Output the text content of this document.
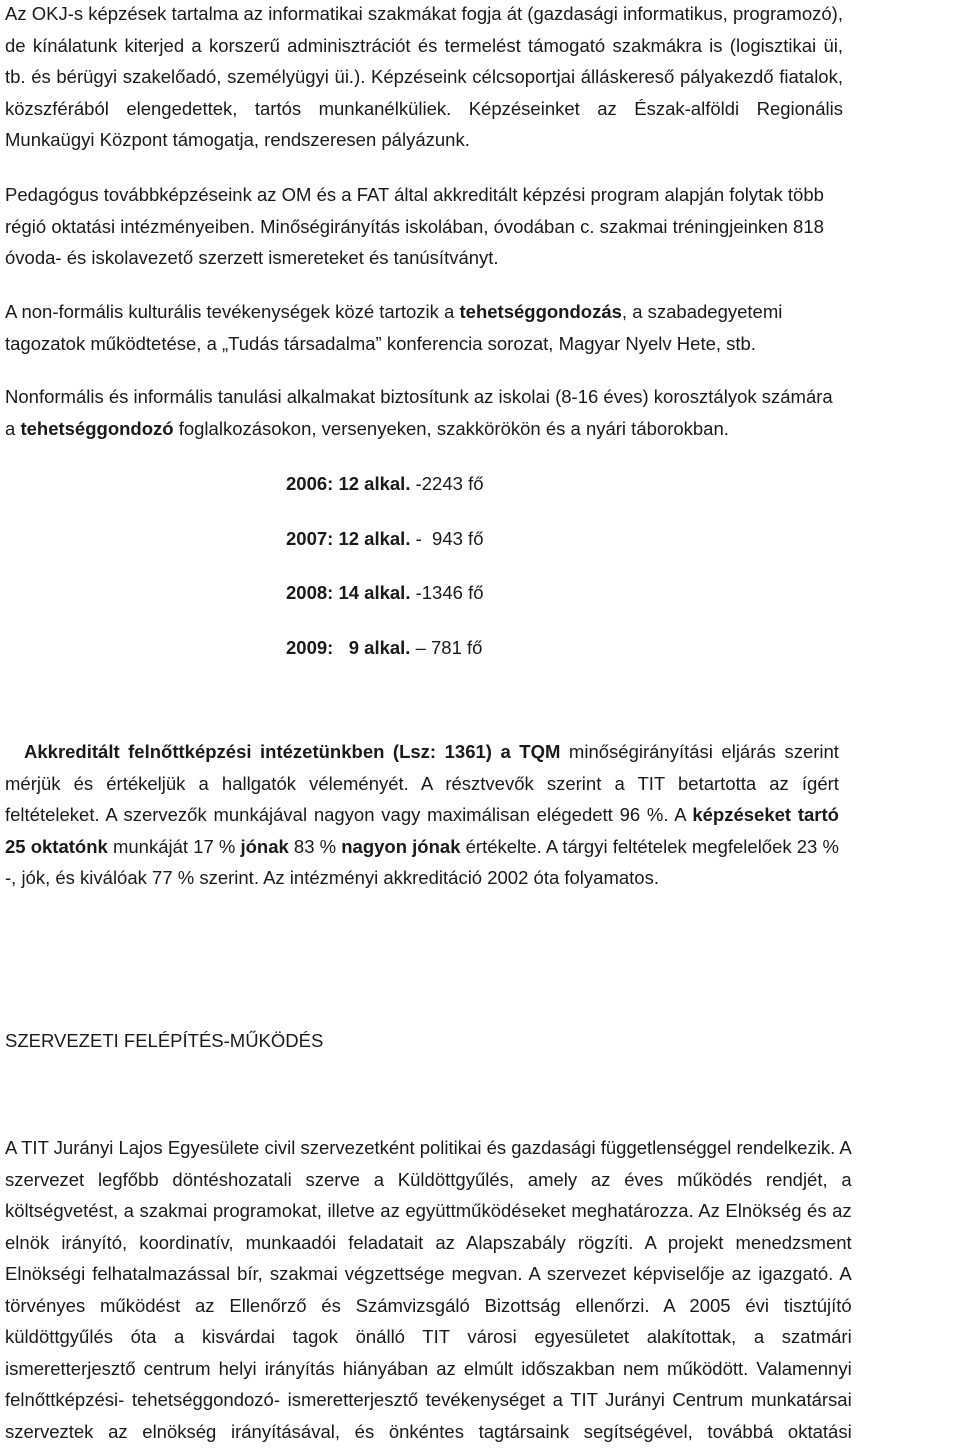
Az OKJ-s képzések tartalma az informatikai szakmákat fogja át (gazdasági informatikus, programozó),

de kínálatunk kiterjed a korszerű adminisztrációt és termelést támogató szakmákra is (logisztikai üi,

tb. és bérügyi szakelőadó, személyügyi üi.). Képzéseink célcsoportjai álláskereső pályakezdő fiatalok,

közszférából elengedettek, tartós munkanélküliek. Képzéseinket az Észak-alföldi Regionális

Munkaügyi Központ támogatja, rendszeresen pályázunk.

Pedagógus továbbképzéseink az OM és a FAT által akkreditált képzési program alapján folytak több

régió oktatási intézményeiben. Minőségirányítás iskolában, óvodában c. szakmai tréningjeinken 818

óvoda- és iskolavezető szerzett ismereteket és tanúsítványt.

A non-formális kulturális tevékenységek közé tartozik a tehetséggondozás, a szabadegyetemi

tagozatok működtetése, a „Tudás társadalma” konferencia sorozat, Magyar Nyelv Hete, stb.

Nonformális és informális tanulási alkalmakat biztosítunk az iskolai (8-16 éves) korosztályok számára

a tehetséggondozó foglalkozásokon, versenyeken, szakkörökön és a nyári táborokban.

2006: 12 alkal. -2243 fő
2007: 12 alkal. -  943 fő
2008: 14 alkal. -1346 fő
2009:   9 alkal. – 781 fő

Akkreditált felnőttképzési intézetünkben (Lsz: 1361) a TQM minőségirányítási eljárás szerint

mérjük és értékeljük a hallgatók véleményét. A résztvevők szerint a TIT betartotta az ígért

feltételeket. A szervezők munkájával nagyon vagy maximálisan elégedett 96 %. A képzéseket tartó

25 oktatónk munkáját 17 % jónak 83 % nagyon jónak értékelte. A tárgyi feltételek megfelelőek 23 %

-, jók, és kiválóak 77 % szerint. Az intézményi akkreditáció 2002 óta folyamatos.

SZERVEZETI FELÉPÍTÉS-MŰKÖDÉS

A TIT Jurányi Lajos Egyesülete civil szervezetként politikai és gazdasági függetlenséggel rendelkezik. A

szervezet legfőbb döntéshozatali szerve a Küldöttgyűlés, amely az éves működés rendjét, a

költségvetést, a szakmai programokat, illetve az együttműködéseket meghatározza. Az Elnökség és az

elnök irányító, koordinatív, munkaadói feladatait az Alapszabály rögzíti. A projekt menedzsment

Elnökségi felhatalmazással bír, szakmai végzettsége megvan. A szervezet képviselője az igazgató. A

törvényes működést az Ellenőrző és Számvizsgáló Bizottság ellenőrzi. A 2005 évi tisztújító

küldöttgyűlés óta a kisvárdai tagok önálló TIT városi egyesületet alakítottak, a szatmári

ismeretterjesztő centrum helyi irányítás hiányában az elmúlt időszakban nem működött. Valamennyi

felnőttképzési- tehetséggondozó- ismeretterjesztő tevékenységet a TIT Jurányi Centrum munkatársai

szerveztek az elnökség irányításával, és önkéntes tagtársaink segítségével, továbbá oktatási
